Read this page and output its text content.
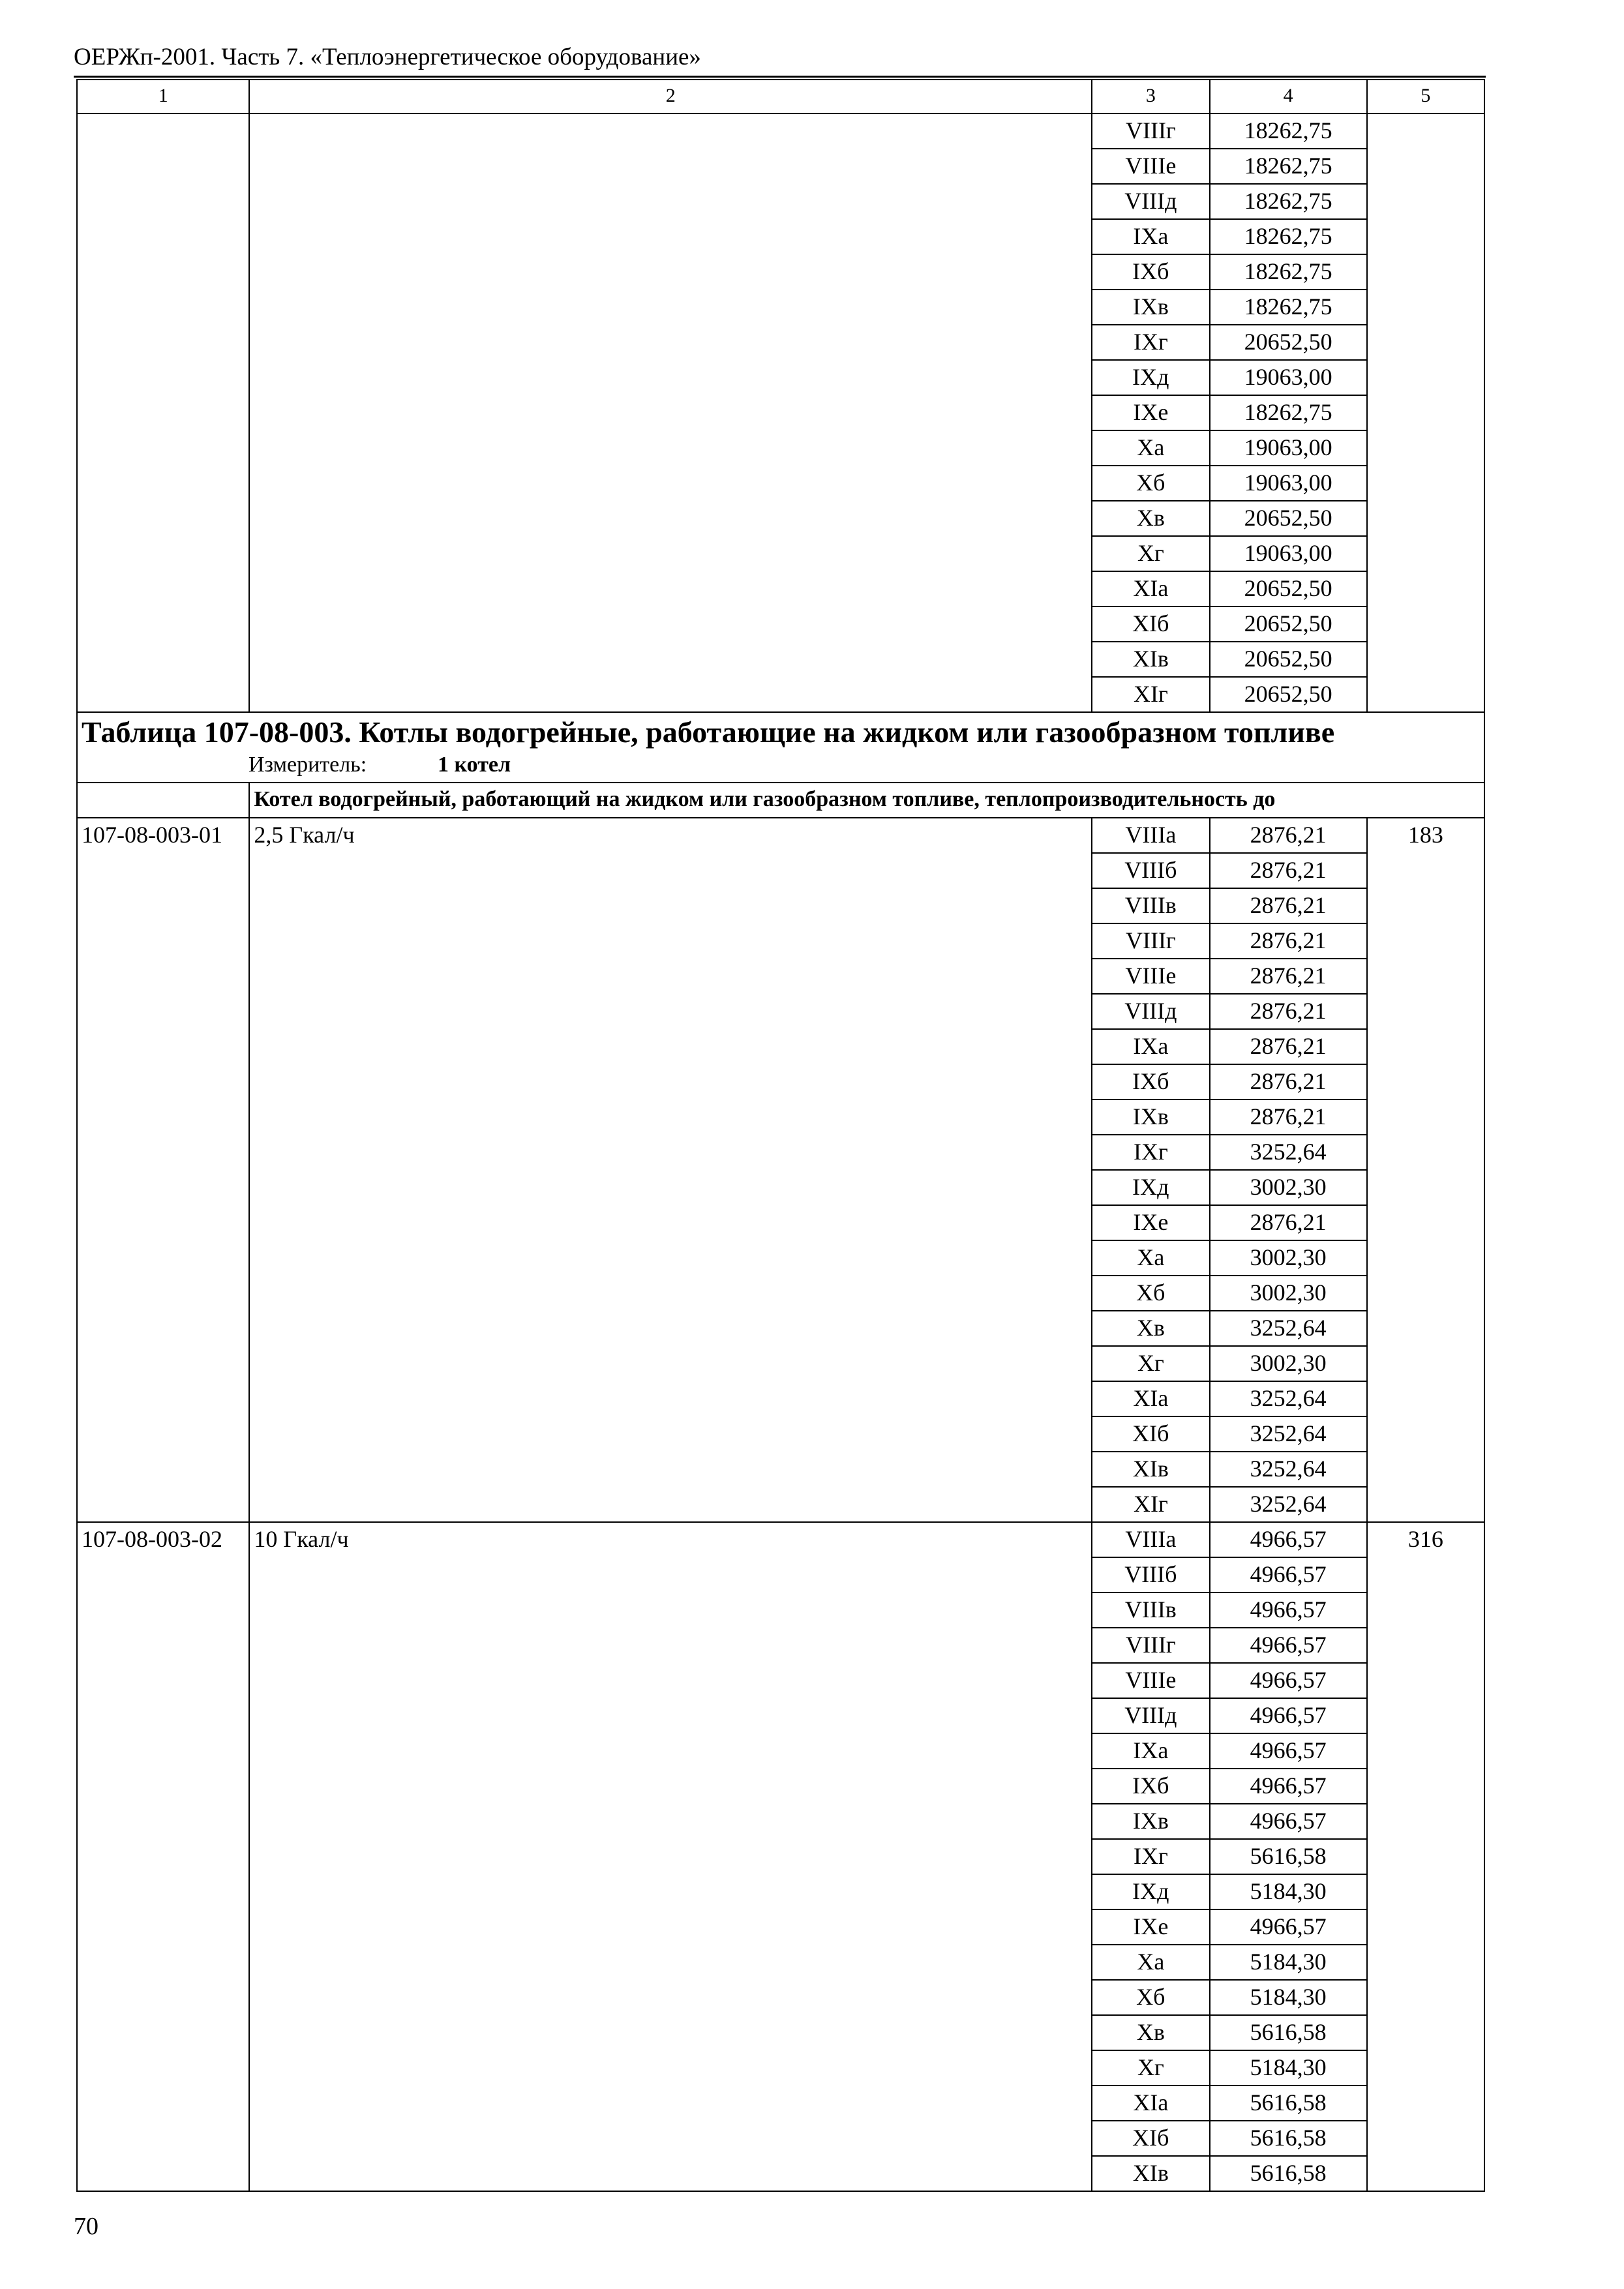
ОЕРЖп-2001. Часть 7. «Теплоэнергетическое оборудование»
1	2	3	4	5
		VIIIг	18262,75	
		VIIIе	18262,75	
		VIIIд	18262,75	
		IXа	18262,75	
		IXб	18262,75	
		IXв	18262,75	
		IXг	20652,50	
		IXд	19063,00	
		IXе	18262,75	
		Xа	19063,00	
		Xб	19063,00	
		Xв	20652,50	
		Xг	19063,00	
		XIа	20652,50	
		XIб	20652,50	
		XIв	20652,50	
		XIг	20652,50	

Таблица 107-08-003. Котлы водогрейные, работающие на жидком или газообразном топливе
Измеритель: 1 котел				

	Котел водогрейный, работающий на жидком или газообразном топливе, теплопроизводительность до			
107-08-003-01	2,5 Гкал/ч	VIIIа	2876,21	183
		VIIIб	2876,21	
		VIIIв	2876,21	
		VIIIг	2876,21	
		VIIIе	2876,21	
		VIIIд	2876,21	
		IXа	2876,21	
		IXб	2876,21	
		IXв	2876,21	
		IXг	3252,64	
		IXд	3002,30	
		IXе	2876,21	
		Xа	3002,30	
		Xб	3002,30	
		Xв	3252,64	
		Xг	3002,30	
		XIа	3252,64	
		XIб	3252,64	
		XIв	3252,64	
		XIг	3252,64	
107-08-003-02	10 Гкал/ч	VIIIа	4966,57	316
		VIIIб	4966,57	
		VIIIв	4966,57	
		VIIIг	4966,57	
		VIIIе	4966,57	
		VIIIд	4966,57	
		IXа	4966,57	
		IXб	4966,57	
		IXв	4966,57	
		IXг	5616,58	
		IXд	5184,30	
		IXе	4966,57	
		Xа	5184,30	
		Xб	5184,30	
		Xв	5616,58	
		Xг	5184,30	
		XIа	5616,58	
		XIб	5616,58	
		XIв	5616,58	
70
